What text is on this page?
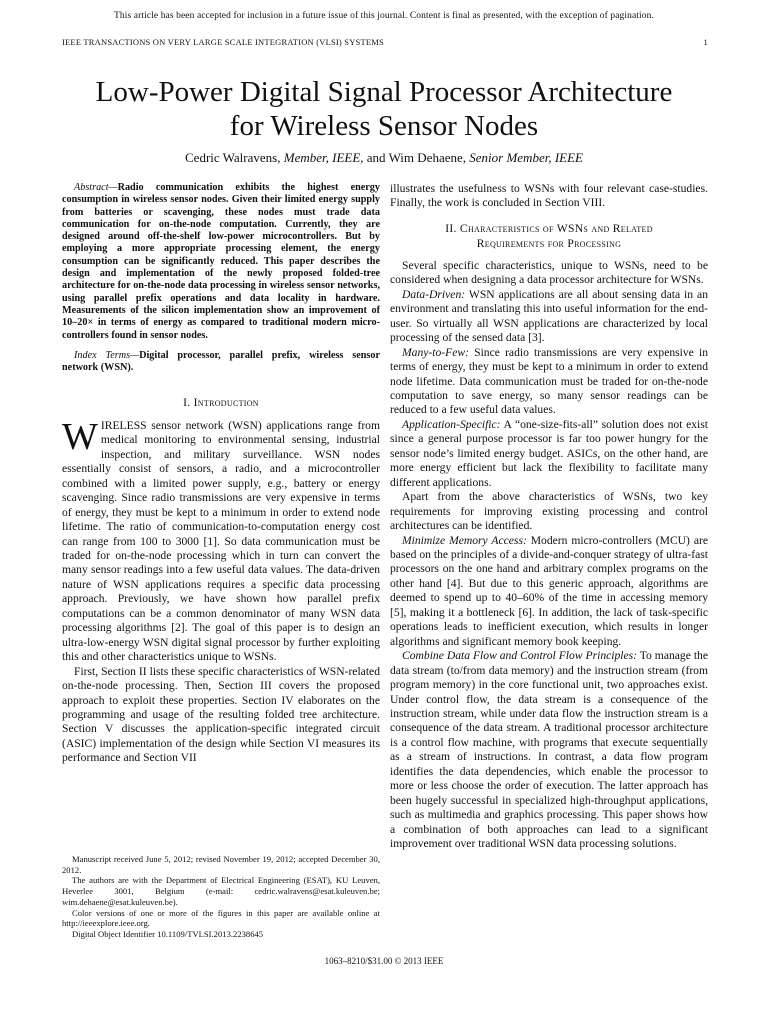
This article has been accepted for inclusion in a future issue of this journal. Content is final as presented, with the exception of pagination.
IEEE TRANSACTIONS ON VERY LARGE SCALE INTEGRATION (VLSI) SYSTEMS	1
Low-Power Digital Signal Processor Architecture
for Wireless Sensor Nodes
Cedric Walravens, Member, IEEE, and Wim Dehaene, Senior Member, IEEE

Abstract—Radio communication exhibits the highest energy consumption in wireless sensor nodes. Given their limited energy supply from batteries or scavenging, these nodes must trade data communication for on-the-node computation. Currently, they are designed around off-the-shelf low-power microcontrollers. But by employing a more appropriate processing element, the energy consumption can be significantly reduced. This paper describes the design and implementation of the newly proposed folded-tree architecture for on-the-node data processing in wireless sensor networks, using parallel prefix operations and data locality in hardware. Measurements of the silicon implementation show an improvement of 10–20× in terms of energy as compared to traditional modern micro-controllers found in sensor nodes.

Index Terms—Digital processor, parallel prefix, wireless sensor network (WSN).

I. Introduction

WIRELESS sensor network (WSN) applications range from medical monitoring to environmental sensing, industrial inspection, and military surveillance. WSN nodes essentially consist of sensors, a radio, and a microcontroller combined with a limited power supply, e.g., battery or energy scavenging. Since radio transmissions are very expensive in terms of energy, they must be kept to a minimum in order to extend node lifetime. The ratio of communication-to-computation energy cost can range from 100 to 3000 [1]. So data communication must be traded for on-the-node processing which in turn can convert the many sensor readings into a few useful data values. The data-driven nature of WSN applications requires a specific data processing approach. Previously, we have shown how parallel prefix computations can be a common denominator of many WSN data processing algorithms [2]. The goal of this paper is to design an ultra-low-energy WSN digital signal processor by further exploiting this and other characteristics unique to WSNs.

First, Section II lists these specific characteristics of WSN-related on-the-node processing. Then, Section III covers the proposed approach to exploit these properties. Section IV elaborates on the programming and usage of the resulting folded tree architecture. Section V discusses the application-specific integrated circuit (ASIC) implementation of the design while Section VI measures its performance and Section VII

illustrates the usefulness to WSNs with four relevant case-studies. Finally, the work is concluded in Section VIII.

II. Characteristics of WSNs and Related
Requirements for Processing

Several specific characteristics, unique to WSNs, need to be considered when designing a data processor architecture for WSNs.

Data-Driven: WSN applications are all about sensing data in an environment and translating this into useful information for the end-user. So virtually all WSN applications are characterized by local processing of the sensed data [3].

Many-to-Few: Since radio transmissions are very expensive in terms of energy, they must be kept to a minimum in order to extend node lifetime. Data communication must be traded for on-the-node computation to save energy, so many sensor readings can be reduced to a few useful data values.

Application-Specific: A “one-size-fits-all” solution does not exist since a general purpose processor is far too power hungry for the sensor node’s limited energy budget. ASICs, on the other hand, are more energy efficient but lack the flexibility to facilitate many different applications.

Apart from the above characteristics of WSNs, two key requirements for improving existing processing and control architectures can be identified.

Minimize Memory Access: Modern micro-controllers (MCU) are based on the principles of a divide-and-conquer strategy of ultra-fast processors on the one hand and arbitrary complex programs on the other hand [4]. But due to this generic approach, algorithms are deemed to spend up to 40–60% of the time in accessing memory [5], making it a bottleneck [6]. In addition, the lack of task-specific operations leads to inefficient execution, which results in longer algorithms and significant memory book keeping.

Combine Data Flow and Control Flow Principles: To manage the data stream (to/from data memory) and the instruction stream (from program memory) in the core functional unit, two approaches exist. Under control flow, the data stream is a consequence of the instruction stream, while under data flow the instruction stream is a consequence of the data stream. A traditional processor architecture is a control flow machine, with programs that execute sequentially as a stream of instructions. In contrast, a data flow program identifies the data dependencies, which enable the processor to more or less choose the order of execution. The latter approach has been hugely successful in specialized high-throughput applications, such as multimedia and graphics processing. This paper shows how a combination of both approaches can lead to a significant improvement over traditional WSN data processing solutions.

Manuscript received June 5, 2012; revised November 19, 2012; accepted December 30, 2012.

The authors are with the Department of Electrical Engineering (ESAT), KU Leuven, Heverlee 3001, Belgium (e-mail: cedric.walravens@esat.kuleuven.be; wim.dehaene@esat.kuleuven.be).

Color versions of one or more of the figures in this paper are available online at http://ieeexplore.ieee.org.

Digital Object Identifier 10.1109/TVLSI.2013.2238645

1063–8210/$31.00 © 2013 IEEE
